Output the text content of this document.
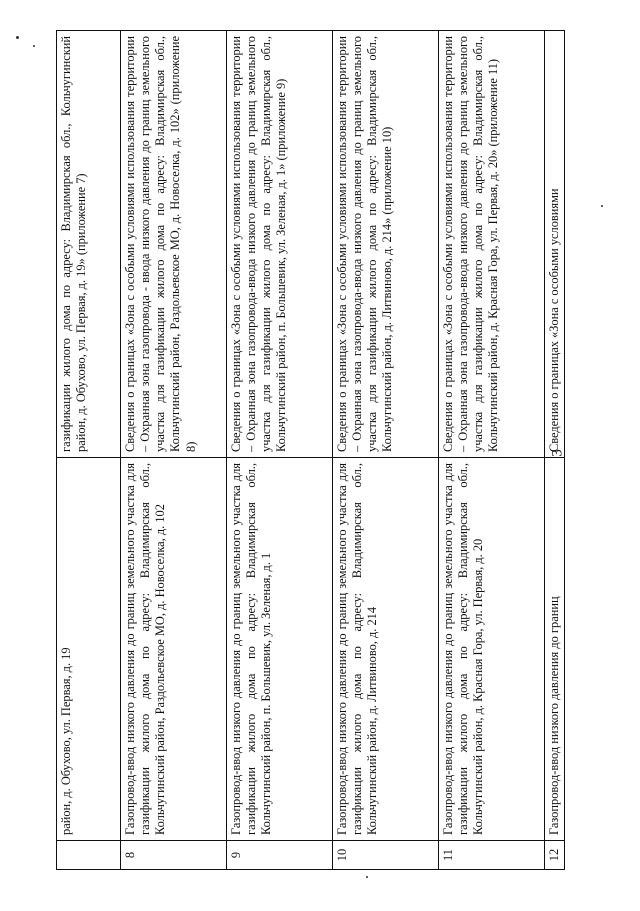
3
	район, д. Обухово, ул. Первая, д. 19	газификации жилого дома по адресу: Владимирская обл., Кольчугинский район, д. Обухово, ул. Первая, д. 19» (приложение 7)
8	Газопровод-ввод низкого давления до границ земельного участка для газификации жилого дома по адресу: Владимирская обл., Кольчугинский район, Раздольевское МО, д. Новоселка, д. 102	Сведения о границах «Зона с особыми условиями использования территории – Охранная зона газопровода - ввода низкого давления до границ земельного участка для газификации жилого дома по адресу: Владимирская обл., Кольчугинский район, Раздольевское МО, д. Новоселка, д. 102» (приложение 8)
9	Газопровод-ввод низкого давления до границ земельного участка для газификации жилого дома по адресу: Владимирская обл., Кольчугинский район, п. Большевик, ул. Зеленая, д. 1	Сведения о границах «Зона с особыми условиями использования территории – Охранная зона газопровода-ввода низкого давления до границ земельного участка для газификации жилого дома по адресу: Владимирская обл., Кольчугинский район, п. Большевик, ул. Зеленая, д. 1» (приложение 9)
10	Газопровод-ввод низкого давления до границ земельного участка для газификации жилого дома по адресу: Владимирская обл., Кольчугинский район, д. Литвиново, д. 214	Сведения о границах «Зона с особыми условиями использования территории – Охранная зона газопровода-ввода низкого давления до границ земельного участка для газификации жилого дома по адресу: Владимирская обл., Кольчугинский район, д. Литвиново, д. 214» (приложение 10)
11	Газопровод-ввод низкого давления до границ земельного участка для газификации жилого дома по адресу: Владимирская обл., Кольчугинский район, д. Красная Гора, ул. Первая, д. 20	Сведения о границах «Зона с особыми условиями использования территории – Охранная зона газопровода-ввода низкого давления до границ земельного участка для газификации жилого дома по адресу: Владимирская обл., Кольчугинский район, д. Красная Гора, ул. Первая, д. 20» (приложение 11)
12	Газопровод-ввод низкого давления до границ	Сведения о границах «Зона с особыми условиями
